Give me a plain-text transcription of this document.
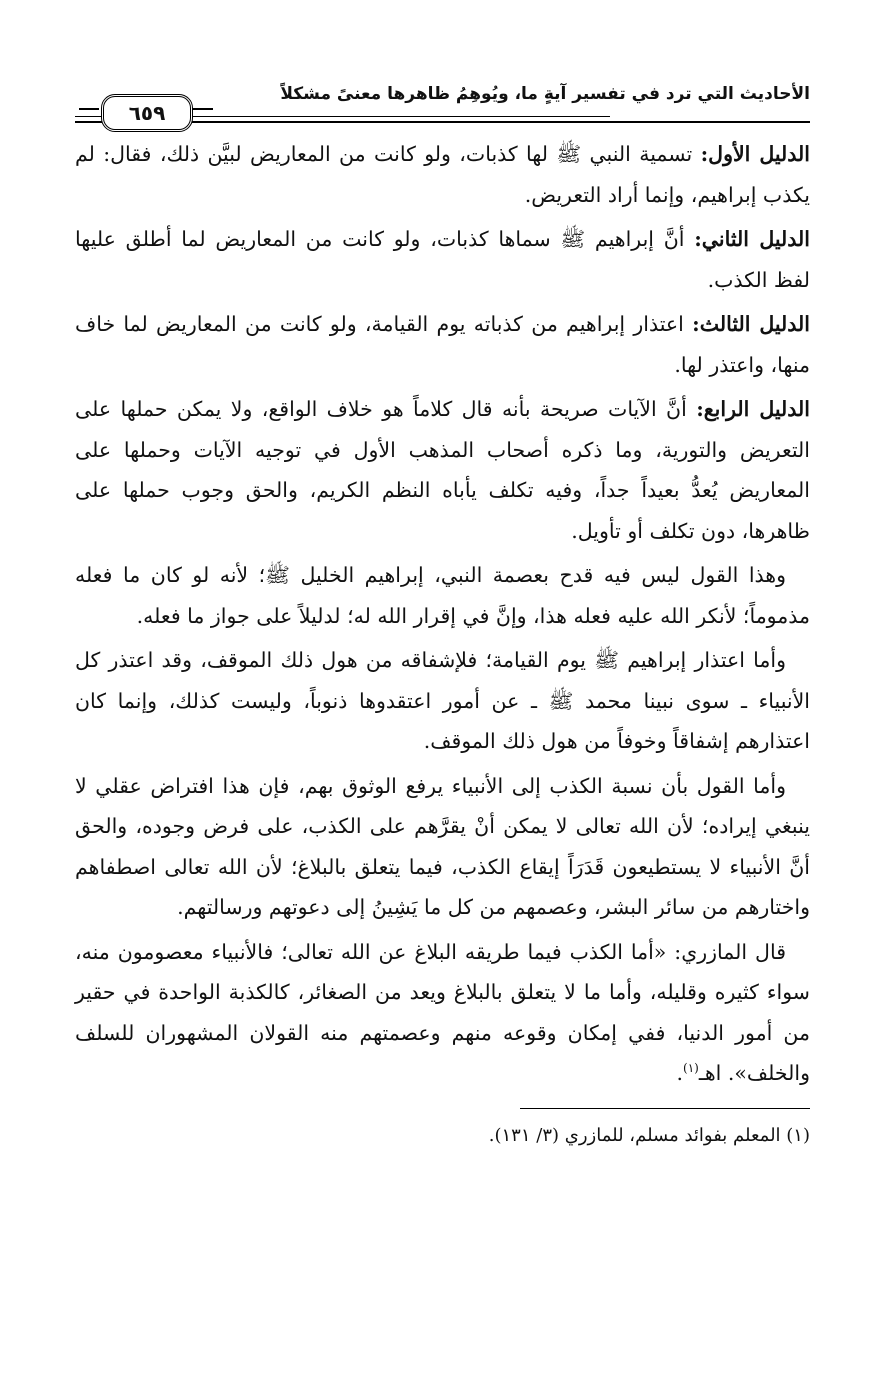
الأحاديث التي ترد في تفسير آيةٍ ما، ويُوهِمُ ظاهرها معنىً مشكلاً
٦٥٩

الدليل الأول: تسمية النبي ﷺ لها كذبات، ولو كانت من المعاريض لبيَّن ذلك، فقال: لم يكذب إبراهيم، وإنما أراد التعريض.

الدليل الثاني: أنَّ إبراهيم ﷺ سماها كذبات، ولو كانت من المعاريض لما أطلق عليها لفظ الكذب.

الدليل الثالث: اعتذار إبراهيم من كذباته يوم القيامة، ولو كانت من المعاريض لما خاف منها، واعتذر لها.

الدليل الرابع: أنَّ الآيات صريحة بأنه قال كلاماً هو خلاف الواقع، ولا يمكن حملها على التعريض والتورية، وما ذكره أصحاب المذهب الأول في توجيه الآيات وحملها على المعاريض يُعدُّ بعيداً جداً، وفيه تكلف يأباه النظم الكريم، والحق وجوب حملها على ظاهرها، دون تكلف أو تأويل.

وهذا القول ليس فيه قدح بعصمة النبي، إبراهيم الخليل ﷺ؛ لأنه لو كان ما فعله مذموماً؛ لأنكر الله عليه فعله هذا، وإنَّ في إقرار الله له؛ لدليلاً على جواز ما فعله.

وأما اعتذار إبراهيم ﷺ يوم القيامة؛ فلإشفاقه من هول ذلك الموقف، وقد اعتذر كل الأنبياء ـ سوى نبينا محمد ﷺ ـ عن أمور اعتقدوها ذنوباً، وليست كذلك، وإنما كان اعتذارهم إشفاقاً وخوفاً من هول ذلك الموقف.

وأما القول بأن نسبة الكذب إلى الأنبياء يرفع الوثوق بهم، فإن هذا افتراض عقلي لا ينبغي إيراده؛ لأن الله تعالى لا يمكن أنْ يقرَّهم على الكذب، على فرض وجوده، والحق أنَّ الأنبياء لا يستطيعون قَدَرَاً إيقاع الكذب، فيما يتعلق بالبلاغ؛ لأن الله تعالى اصطفاهم واختارهم من سائر البشر، وعصمهم من كل ما يَشِينُ إلى دعوتهم ورسالتهم.

قال المازري: «أما الكذب فيما طريقه البلاغ عن الله تعالى؛ فالأنبياء معصومون منه، سواء كثيره وقليله، وأما ما لا يتعلق بالبلاغ ويعد من الصغائر، كالكذبة الواحدة في حقير من أمور الدنيا، ففي إمكان وقوعه منهم وعصمتهم منه القولان المشهوران للسلف والخلف». اهـ$^{(١)}$.

(١) المعلم بفوائد مسلم، للمازري (٣/ ١٣١).
